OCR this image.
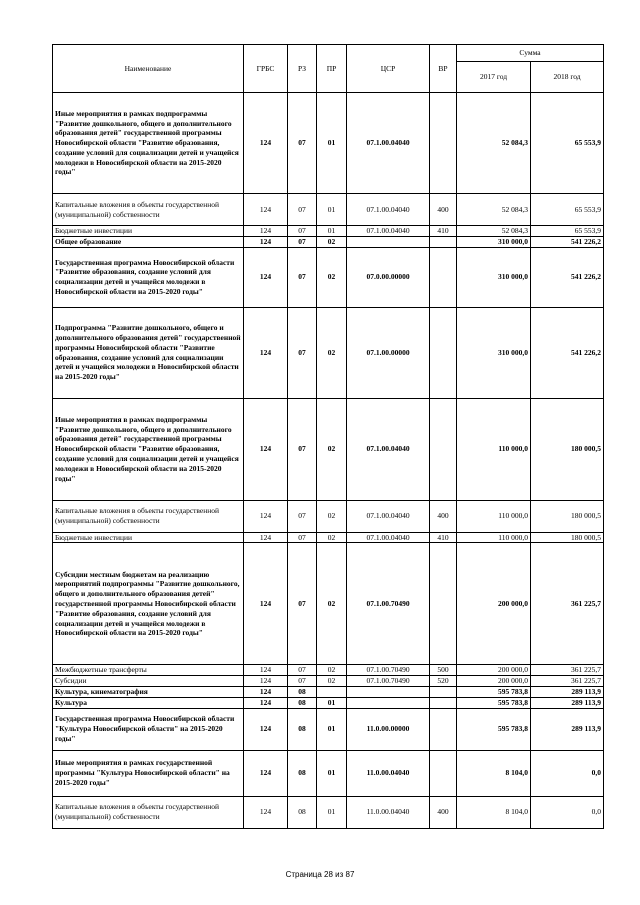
Наименование	ГРБС	РЗ	ПР	ЦСР	ВР	Сумма	
						2017 год	2018 год
Иные мероприятия в рамках подпрограммы "Развитие дошкольного, общего и дополнительного образования детей" государственной программы Новосибирской области "Развитие образования, создание условий для социализации детей и учащейся молодежи в Новосибирской области на 2015-2020 годы"	124	07	01	07.1.00.04040		52 084,3	65 553,9
Капитальные вложения в объекты государственной (муниципальной) собственности	124	07	01	07.1.00.04040	400	52 084,3	65 553,9
Бюджетные инвестиции	124	07	01	07.1.00.04040	410	52 084,3	65 553,9
Общее образование	124	07	02			310 000,0	541 226,2
Государственная программа Новосибирской области "Развитие образования, создание условий для социализации детей и учащейся молодежи в Новосибирской области на 2015-2020 годы"	124	07	02	07.0.00.00000		310 000,0	541 226,2
Подпрограмма "Развитие дошкольного, общего и дополнительного образования детей" государственной программы Новосибирской области "Развитие образования, создание условий для социализации детей и учащейся молодежи в Новосибирской области на 2015-2020 годы"	124	07	02	07.1.00.00000		310 000,0	541 226,2
Иные мероприятия в рамках подпрограммы "Развитие дошкольного, общего и дополнительного образования детей" государственной программы Новосибирской области "Развитие образования, создание условий для социализации детей и учащейся молодежи в Новосибирской области на 2015-2020 годы"	124	07	02	07.1.00.04040		110 000,0	180 000,5
Капитальные вложения в объекты государственной (муниципальной) собственности	124	07	02	07.1.00.04040	400	110 000,0	180 000,5
Бюджетные инвестиции	124	07	02	07.1.00.04040	410	110 000,0	180 000,5
Субсидии местным бюджетам на реализацию мероприятий подпрограммы "Развитие дошкольного, общего и дополнительного образования детей" государственной программы Новосибирской области "Развитие образования, создание условий для социализации детей и учащейся молодежи в Новосибирской области на 2015-2020 годы"	124	07	02	07.1.00.70490		200 000,0	361 225,7
Межбюджетные трансферты	124	07	02	07.1.00.70490	500	200 000,0	361 225,7
Субсидии	124	07	02	07.1.00.70490	520	200 000,0	361 225,7
Культура, кинематография	124	08				595 783,8	289 113,9
Культура	124	08	01			595 783,8	289 113,9
Государственная программа Новосибирской области "Культура Новосибирской области" на 2015-2020 годы"	124	08	01	11.0.00.00000		595 783,8	289 113,9
Иные мероприятия в рамках государственной программы "Культура Новосибирской области" на 2015-2020 годы"	124	08	01	11.0.00.04040		8 104,0	0,0
Капитальные вложения в объекты государственной (муниципальной) собственности	124	08	01	11.0.00.04040	400	8 104,0	0,0
Страница 28 из 87
